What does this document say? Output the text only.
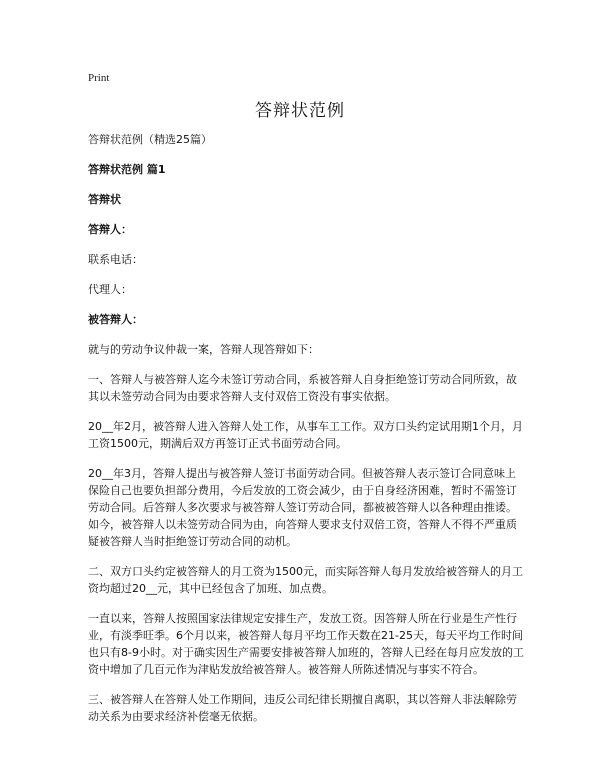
Print
答辩状范例

答辩状范例（精选25篇）

答辩状范例 篇1

答辩状

答辩人：

联系电话：

代理人：

被答辩人：

就与的劳动争议仲裁一案，答辩人现答辩如下：

一、答辩人与被答辩人迄今未签订劳动合同，系被答辩人自身拒绝签订劳动合同所致，故其以未签劳动合同为由要求答辩人支付双倍工资没有事实依据。

20__年2月，被答辩人进入答辩人处工作，从事车工工作。双方口头约定试用期1个月，月工资1500元，期满后双方再签订正式书面劳动合同。

20__年3月，答辩人提出与被答辩人签订书面劳动合同。但被答辩人表示签订合同意味上保险自己也要负担部分费用，今后发放的工资会减少，由于自身经济困难，暂时不需签订劳动合同。后答辩人多次要求与被答辩人签订劳动合同，都被被答辩人以各种理由推诿。如今，被答辩人以未签劳动合同为由，向答辩人要求支付双倍工资，答辩人不得不严重质疑被答辩人当时拒绝签订劳动合同的动机。

二、双方口头约定被答辩人的月工资为1500元，而实际答辩人每月发放给被答辩人的月工资均超过20__元，其中已经包含了加班、加点费。

一直以来，答辩人按照国家法律规定安排生产，发放工资。因答辩人所在行业是生产性行业，有淡季旺季。6个月以来，被答辩人每月平均工作天数在21-25天，每天平均工作时间也只有8-9小时。对于确实因生产需要安排被答辩人加班的，答辩人已经在每月应发放的工资中增加了几百元作为津贴发放给被答辩人。被答辩人所陈述情况与事实不符合。

三、被答辩人在答辩人处工作期间，违反公司纪律长期擅自离职，其以答辩人非法解除劳动关系为由要求经济补偿毫无依据。
